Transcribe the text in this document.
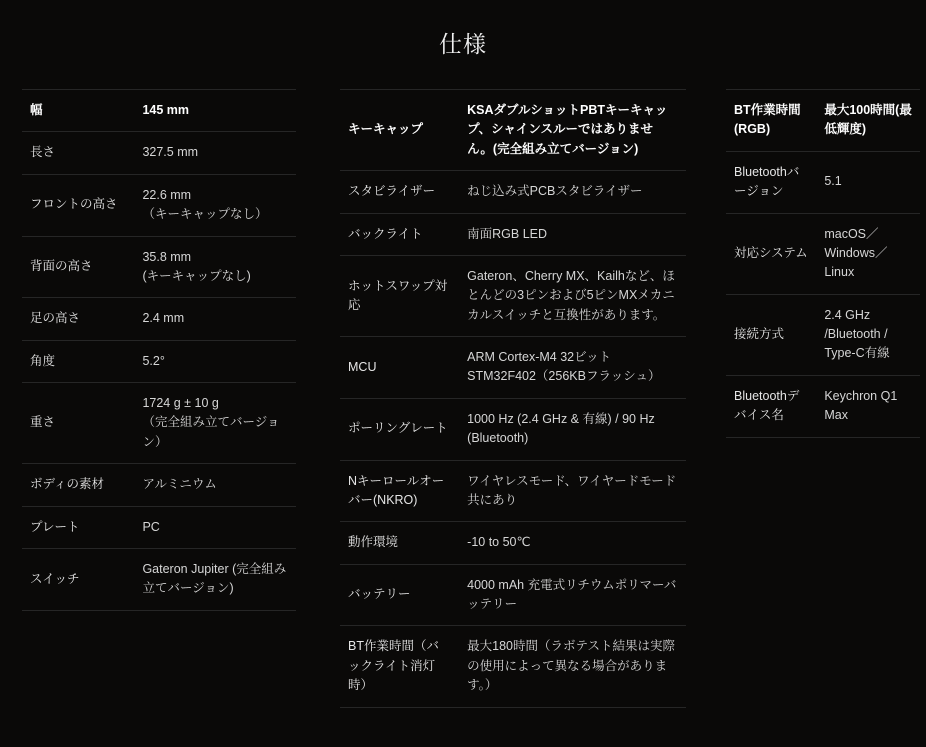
仕様
幅	145 mm
長さ	327.5 mm
フロントの高さ	22.6 mm
（キーキャップなし）
背面の高さ	35.8 mm
(キーキャップなし)
足の高さ	2.4 mm
角度	5.2°
重さ	1724 g ± 10 g
（完全組み立てバージョン）
ボディの素材	アルミニウム
プレート	PC
スイッチ	Gateron Jupiter (完全組み立てバージョン)
キーキャップ	KSAダブルショットPBTキーキャップ、シャインスルーではありません。(完全組み立てバージョン)
スタビライザー	ねじ込み式PCBスタビライザー
バックライト	南面RGB LED
ホットスワップ対応	Gateron、Cherry MX、Kailhなど、ほとんどの3ピンおよび5ピンMXメカニカルスイッチと互換性があります。
MCU	ARM Cortex-M4 32ビット STM32F402（256KBフラッシュ）
ポーリングレート	1000 Hz (2.4 GHz & 有線) / 90 Hz (Bluetooth)
Nキーロールオーバー(NKRO)	ワイヤレスモード、ワイヤードモード共にあり
動作環境	-10 to 50℃
バッテリー	4000 mAh 充電式リチウムポリマーバッテリー
BT作業時間（バックライト消灯時）	最大180時間（ラボテスト結果は実際の使用によって異なる場合があります。）
BT作業時間(RGB)	最大100時間(最低輝度)
Bluetoothバージョン	5.1
対応システム	macOS／Windows／Linux
接続方式	2.4 GHz /Bluetooth / Type-C有線
Bluetoothデバイス名	Keychron Q1 Max
